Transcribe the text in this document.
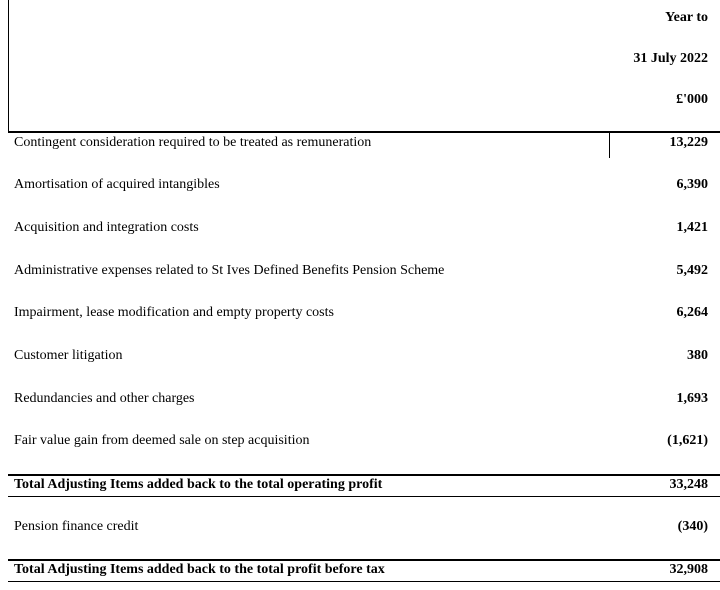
Year to
31 July 2022
£'000
Contingent consideration required to be treated as remuneration	13,229
Amortisation of acquired intangibles	6,390
Acquisition and integration costs	1,421
Administrative expenses related to St Ives Defined Benefits Pension Scheme	5,492
Impairment, lease modification and empty property costs	6,264
Customer litigation	380
Redundancies and other charges	1,693
Fair value gain from deemed sale on step acquisition	(1,621)
Total Adjusting Items added back to the total operating profit	33,248
Pension finance credit	(340)
Total Adjusting Items added back to the total profit before tax	32,908
